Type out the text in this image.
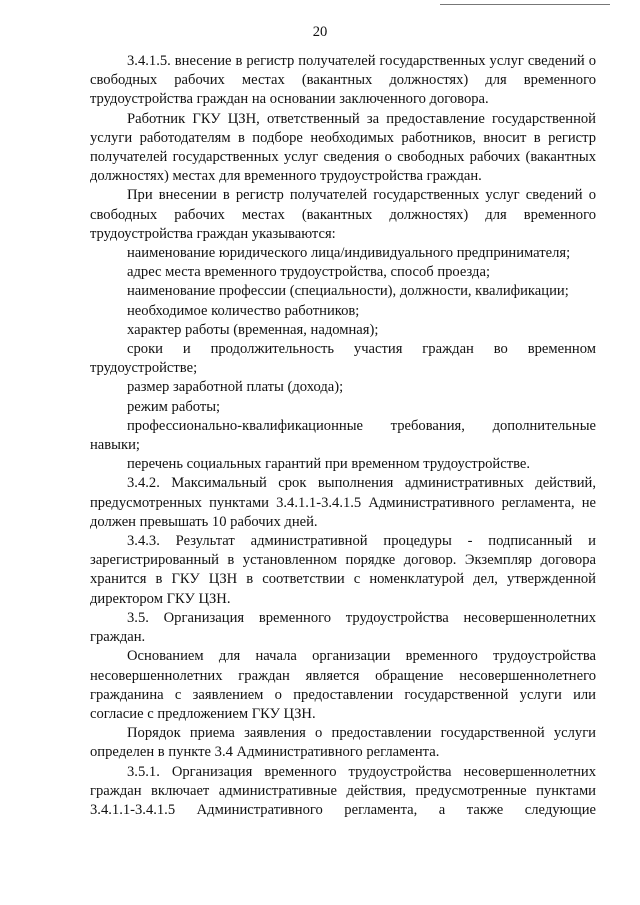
20

3.4.1.5. внесение в регистр получателей государственных услуг сведений о свободных рабочих местах (вакантных должностях) для временного трудоустройства граждан на основании заключенного договора.

Работник ГКУ ЦЗН, ответственный за предоставление государственной услуги работодателям в подборе необходимых работников, вносит в регистр получателей государственных услуг сведения о свободных рабочих (вакантных должностях) местах для временного трудоустройства граждан.

При внесении в регистр получателей государственных услуг сведений о свободных рабочих местах (вакантных должностях) для временного трудоустройства граждан указываются:

наименование юридического лица/индивидуального предпринимателя;

адрес места временного трудоустройства, способ проезда;

наименование профессии (специальности), должности, квалификации;

необходимое количество работников;

характер работы (временная, надомная);

сроки и продолжительность участия граждан во временном трудоустройстве;

размер заработной платы (дохода);

режим работы;

профессионально-квалификационные требования, дополнительные навыки;

перечень социальных гарантий при временном трудоустройстве.

3.4.2. Максимальный срок выполнения административных действий, предусмотренных пунктами 3.4.1.1-3.4.1.5 Административного регламента, не должен превышать 10 рабочих дней.

3.4.3. Результат административной процедуры - подписанный и зарегистрированный в установленном порядке договор. Экземпляр договора хранится в ГКУ ЦЗН в соответствии с номенклатурой дел, утвержденной директором ГКУ ЦЗН.

3.5. Организация временного трудоустройства несовершеннолетних граждан.

Основанием для начала организации временного трудоустройства несовершеннолетних граждан является обращение несовершеннолетнего гражданина с заявлением о предоставлении государственной услуги или согласие с предложением ГКУ ЦЗН.

Порядок приема заявления о предоставлении государственной услуги определен в пункте 3.4 Административного регламента.

3.5.1. Организация временного трудоустройства несовершеннолетних граждан включает административные действия, предусмотренные пунктами 3.4.1.1-3.4.1.5 Административного регламента, а также следующие
